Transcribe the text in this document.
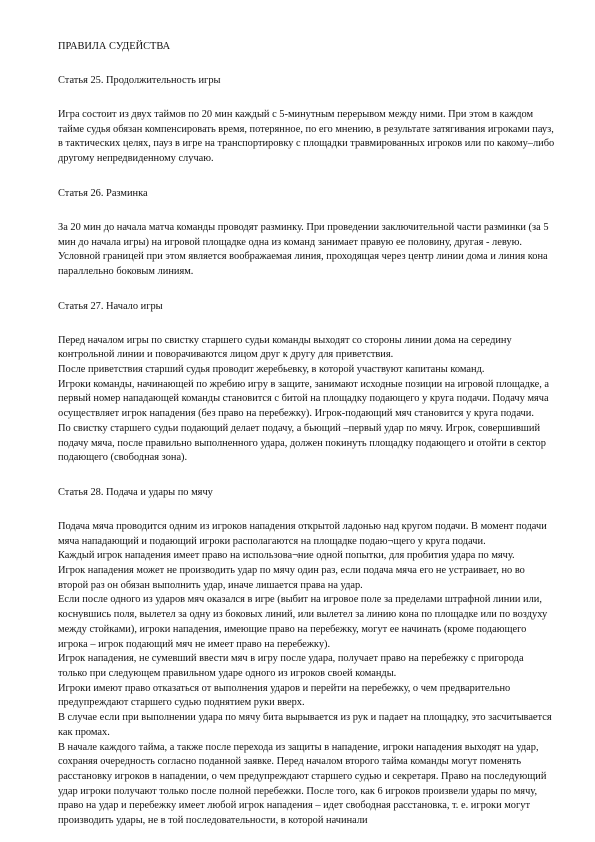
ПРАВИЛА СУДЕЙСТВА
Статья 25. Продолжительность игры

Игра состоит из двух таймов по 20 мин каждый с 5-минутным перерывом между ними. При этом в каждом тайме судья обязан компенсировать время, потерянное, по его мнению, в результате затягивания игроками пауз, в тактических целях, пауз в игре на транспортировку с площадки травмированных игроков или по какому–либо другому непредвиденному случаю.

Статья 26. Разминка

За 20 мин до начала матча команды проводят разминку. При проведении заключительной части разминки (за 5 мин до начала игры) на игровой площадке одна из команд занимает правую ее половину, другая - левую. Условной границей при этом является воображаемая линия, проходящая через центр линии дома и линия кона параллельно боковым линиям.

Статья 27. Начало игры

Перед началом игры по свистку старшего судьи команды выходят со стороны линии дома на середину контрольной линии и поворачиваются лицом друг к другу для приветствия.

После приветствия старший судья проводит жеребьевку, в которой участвуют капитаны команд.

Игроки команды, начинающей по жребию игру в защите, занимают исходные позиции на игровой площадке, а первый номер нападающей команды становится с битой на площадку подающего у круга подачи. Подачу мяча осуществляет игрок нападения (без право на перебежку). Игрок-подающий мяч становится у круга подачи.

По свистку старшего судьи подающий делает подачу, а бьющий –первый удар по мячу. Игрок, совершивший подачу мяча, после правильно выполненного удара, должен покинуть площадку подающего и отойти в сектор подающего (свободная зона).

Статья 28. Подача и удары по мячу

Подача мяча проводится одним из игроков нападения открытой ладонью над кругом подачи. В момент подачи мяча нападающий и подающий игроки располагаются на площадке подаю¬щего у круга подачи.

Каждый игрок нападения имеет право на использова¬ние одной попытки, для пробития удара по мячу.

Игрок нападения может не производить удар по мячу один раз, если подача мяча его не устраивает, но во второй раз он обязан выполнить удар, иначе лишается права на удар.

Если после одного из ударов мяч оказался в игре (выбит на игровое поле за пределами штрафной линии или, коснувшись поля, вылетел за одну из боковых линий, или вылетел за линию кона по площадке или по воздуху между стойками), игроки нападения, имеющие право на перебежку, могут ее начинать (кроме подающего игрока – игрок подающий мяч не имеет право на перебежку).

Игрок нападения, не сумевший ввести мяч в игру после удара, получает право на перебежку с пригорода только при следующем правильном ударе одного из игроков своей команды.

Игроки имеют право отказаться от выполнения ударов и перейти на перебежку, о чем предварительно предупреждают старшего судью поднятием руки вверх.

В случае если при выполнении удара по мячу бита вырывается из рук и падает на площадку, это засчитывается как промах.

В начале каждого тайма, а также после перехода из защиты в нападение, игроки нападения выходят на удар, сохраняя очередность согласно поданной заявке. Перед началом второго тайма команды могут поменять расстановку игроков в нападении, о чем предупреждают старшего судью и секретаря. Право на последующий удар игроки получают только после полной перебежки. После того, как 6 игроков произвели удары по мячу, право на удар и перебежку имеет любой игрок нападения – идет свободная расстановка, т. е. игроки могут производить удары, не в той последовательности, в которой начинали
